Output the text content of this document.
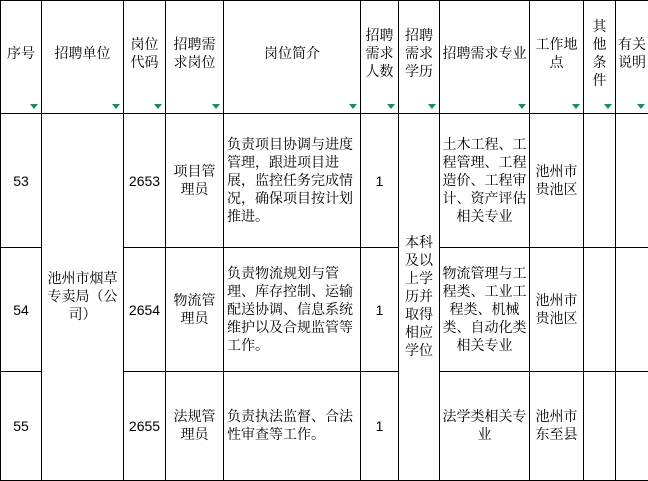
序号	招聘单位	岗位代码	招聘需求岗位	岗位简介	招聘需求人数	招聘需求学历	招聘需求专业	工作地点	其他条件	有关说明

53	池州市烟草专卖局（公司）	2653	项目管理员	负责项目协调与进度管理，跟进项目进展，监控任务完成情况，确保项目按计划推进。	1	本科及以上学历并取得相应学位	土木工程、工程管理、工程造价、工程审计、资产评估相关专业	池州市贵池区		
54		2654	物流管理员	负责物流规划与管理、库存控制、运输配送协调、信息系统维护以及合规监管等工作。	1		物流管理与工程类、工业工程类、机械类、自动化类相关专业	池州市贵池区		
55		2655	法规管理员	负责执法监督、合法性审查等工作。	1		法学类相关专业	池州市东至县		
